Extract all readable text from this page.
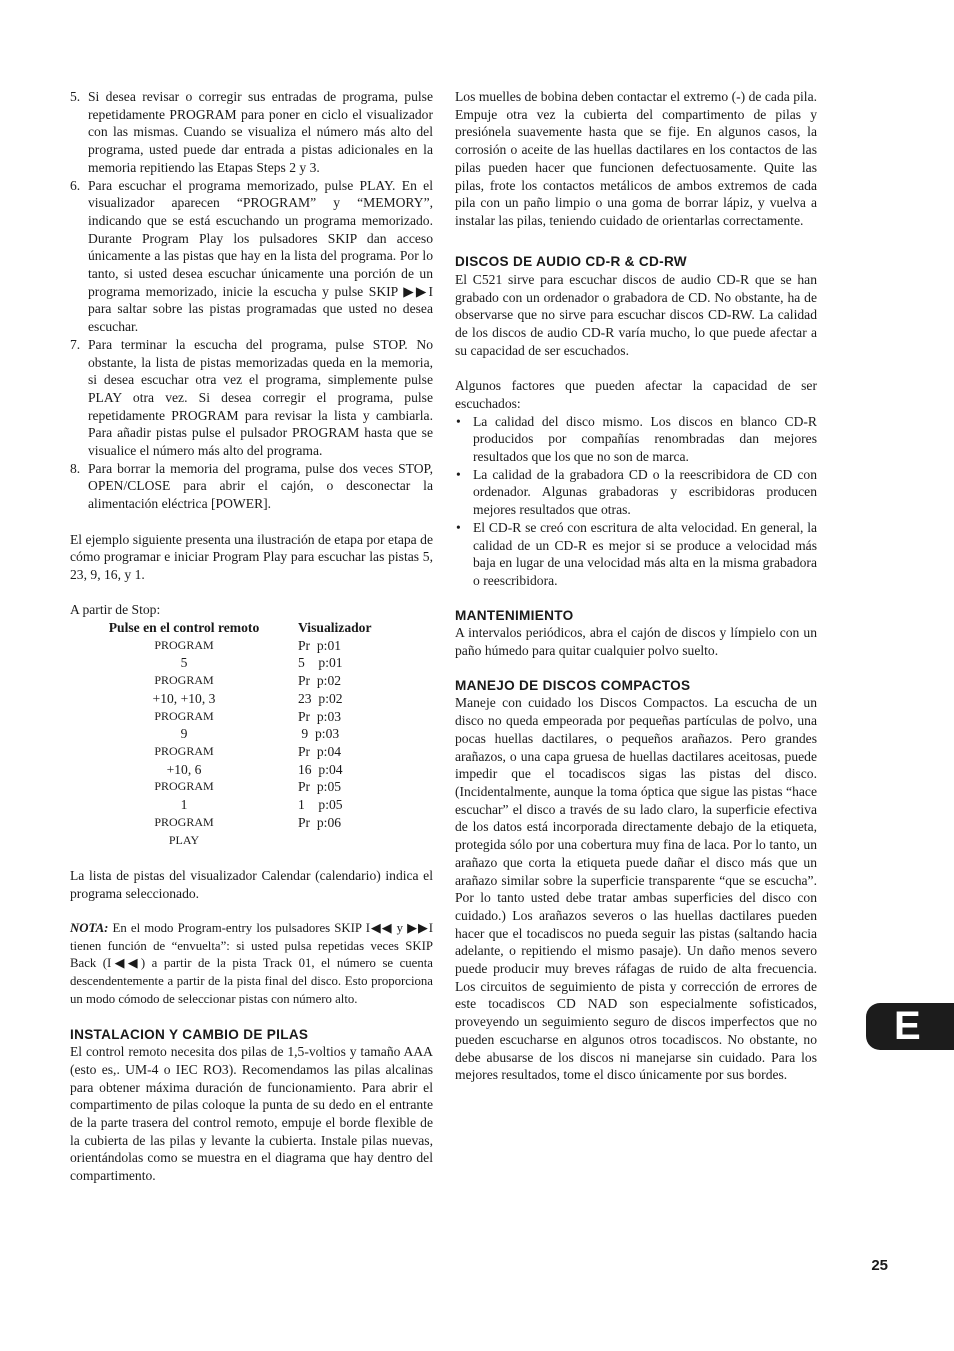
5. Si desea revisar o corregir sus entradas de programa, pulse repetidamente PROGRAM para poner en ciclo el visualizador con las mismas. Cuando se visualiza el número más alto del programa, usted puede dar entrada a pistas adicionales en la memoria repitiendo las Etapas Steps 2 y 3.

6. Para escuchar el programa memorizado, pulse PLAY. En el visualizador aparecen “PROGRAM” y “MEMORY”, indicando que se está escuchando un programa memorizado. Durante Program Play los pulsadores SKIP dan acceso únicamente a las pistas que hay en la lista del programa. Por lo tanto, si usted desea escuchar únicamente una porción de un programa memorizado, inicie la escucha y pulse SKIP ▶▶I para saltar sobre las pistas programadas que usted no desea escuchar.

7. Para terminar la escucha del programa, pulse STOP. No obstante, la lista de pistas memorizadas queda en la memoria, si desea escuchar otra vez el programa, simplemente pulse PLAY otra vez. Si desea corregir el programa, pulse repetidamente PROGRAM para revisar la lista y cambiarla. Para añadir pistas pulse el pulsador PROGRAM hasta que se visualice el número más alto del programa.

8. Para borrar la memoria del programa, pulse dos veces STOP, OPEN/CLOSE para abrir el cajón, o desconectar la alimentación eléctrica [POWER].

El ejemplo siguiente presenta una ilustración de etapa por etapa de cómo programar e iniciar Program Play para escuchar las pistas 5, 23, 9, 16, y 1.

A partir de Stop:

Pulse en el control remoto	Visualizador
PROGRAM	Pr  p:01
5	5    p:01
PROGRAM	Pr  p:02
+10, +10, 3	23  p:02
PROGRAM	Pr  p:03
9	9  p:03
PROGRAM	Pr  p:04
+10, 6	16  p:04
PROGRAM	Pr  p:05
1	1    p:05
PROGRAM	Pr  p:06
PLAY

La lista de pistas del visualizador Calendar (calendario) indica el programa seleccionado.

NOTA: En el modo Program-entry los pulsadores SKIP I◀◀ y ▶▶I tienen función de “envuelta”: si usted pulsa repetidas veces SKIP Back (I◀◀) a partir de la pista Track 01, el número se cuenta descendentemente a partir de la pista final del disco. Esto proporciona un modo cómodo de seleccionar pistas con número alto.

INSTALACION Y CAMBIO DE PILAS

El control remoto necesita dos pilas de 1,5-voltios y tamaño AAA (esto es,. UM-4 o IEC RO3). Recomendamos las pilas alcalinas para obtener máxima duración de funcionamiento. Para abrir el compartimento de pilas coloque la punta de su dedo en el entrante de la parte trasera del control remoto, empuje el borde flexible de la cubierta de las pilas y levante la cubierta. Instale pilas nuevas, orientándolas como se muestra en el diagrama que hay dentro del compartimento.

Los muelles de bobina deben contactar el extremo (-) de cada pila. Empuje otra vez la cubierta del compartimento de pilas y presiónela suavemente hasta que se fije. En algunos casos, la corrosión o aceite de las huellas dactilares en los contactos de las pilas pueden hacer que funcionen defectuosamente. Quite las pilas, frote los contactos metálicos de ambos extremos de cada pila con un paño limpio o una goma de borrar lápiz, y vuelva a instalar las pilas, teniendo cuidado de orientarlas correctamente.

DISCOS DE AUDIO CD-R & CD-RW

El C521 sirve para escuchar discos de audio CD-R que se han grabado con un ordenador o grabadora de CD. No obstante, ha de observarse que no sirve para escuchar discos CD-RW. La calidad de los discos de audio CD-R varía mucho, lo que puede afectar a su capacidad de ser escuchados.

Algunos factores que pueden afectar la capacidad de ser escuchados:

• La calidad del disco mismo. Los discos en blanco CD-R producidos por compañías renombradas dan mejores resultados que los que no son de marca.

• La calidad de la grabadora CD o la reescribidora de CD con ordenador. Algunas grabadoras y escribidoras producen mejores resultados que otras.

• El CD-R se creó con escritura de alta velocidad. En general, la calidad de un CD-R es mejor si se produce a velocidad más baja en lugar de una velocidad más alta en la misma grabadora o reescribidora.

MANTENIMIENTO

A intervalos periódicos, abra el cajón de discos y límpielo con un paño húmedo para quitar cualquier polvo suelto.

MANEJO DE DISCOS COMPACTOS

Maneje con cuidado los Discos Compactos. La escucha de un disco no queda empeorada por pequeñas partículas de polvo, una pocas huellas dactilares, o pequeños arañazos. Pero grandes arañazos, o una capa gruesa de huellas dactilares aceitosas, puede impedir que el tocadiscos sigas las pistas del disco. (Incidentalmente, aunque la toma óptica que sigue las pistas “hace escuchar” el disco a través de su lado claro, la superficie efectiva de los datos está incorporada directamente debajo de la etiqueta, protegida sólo por una cobertura muy fina de laca. Por lo tanto, un arañazo que corta la etiqueta puede dañar el disco más que un arañazo similar sobre la superficie transparente “que se escucha”. Por lo tanto usted debe tratar ambas superficies del disco con cuidado.) Los arañazos severos o las huellas dactilares pueden hacer que el tocadiscos no pueda seguir las pistas (saltando hacia adelante, o repitiendo el mismo pasaje). Un daño menos severo puede producir muy breves ráfagas de ruido de alta frecuencia. Los circuitos de seguimiento de pista y corrección de errores de este tocadiscos CD NAD son especialmente sofisticados, proveyendo un seguimiento seguro de discos imperfectos que no pueden escucharse en algunos otros tocadiscos. No obstante, no debe abusarse de los discos ni manejarse sin cuidado. Para los mejores resultados, tome el disco únicamente por sus bordes.

E
25
